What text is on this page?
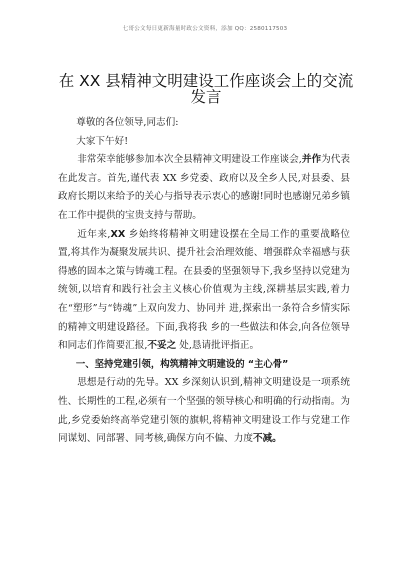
七哥公文每日更新海量时政公文资料，添加 QQ：2580117503
在 XX 县精神文明建设工作座谈会上的交流发言

尊敬的各位领导,同志们:

大家下午好!

非常荣幸能够参加本次全县精神文明建设工作座谈会,并作为代表在此发言。首先,谨代表 XX 乡党委、政府以及全乡人民,对县委、县政府长期以来给予的关心与指导表示衷心的感谢!同时也感谢兄弟乡镇在工作中提供的宝贵支持与帮助。

近年来,XX 乡始终将精神文明建设摆在全局工作的重要战略位置,将其作为凝聚发展共识、提升社会治理效能、增强群众幸福感与获得感的固本之策与铸魂工程。在县委的坚强领导下,我乡坚持以党建为统领,以培育和践行社会主义核心价值观为主线,深耕基层实践,着力在“塑形”与“铸魂”上双向发力、协同并 进,探索出一条符合乡情实际的精神文明建设路径。下面,我将我 乡的一些做法和体会,向各位领导和同志们作简要汇报,不妥之 处,恳请批评指正。

一、坚持党建引领，构筑精神文明建设的 “主心骨”

思想是行动的先导。XX 乡深刻认识到,精神文明建设是一项系统性、长期性的工程,必须有一个坚强的领导核心和明确的行动指南。为此,乡党委始终高举党建引领的旗帜,将精神文明建设工作与党建工作同谋划、同部署、同考核,确保方向不偏、力度不减。
